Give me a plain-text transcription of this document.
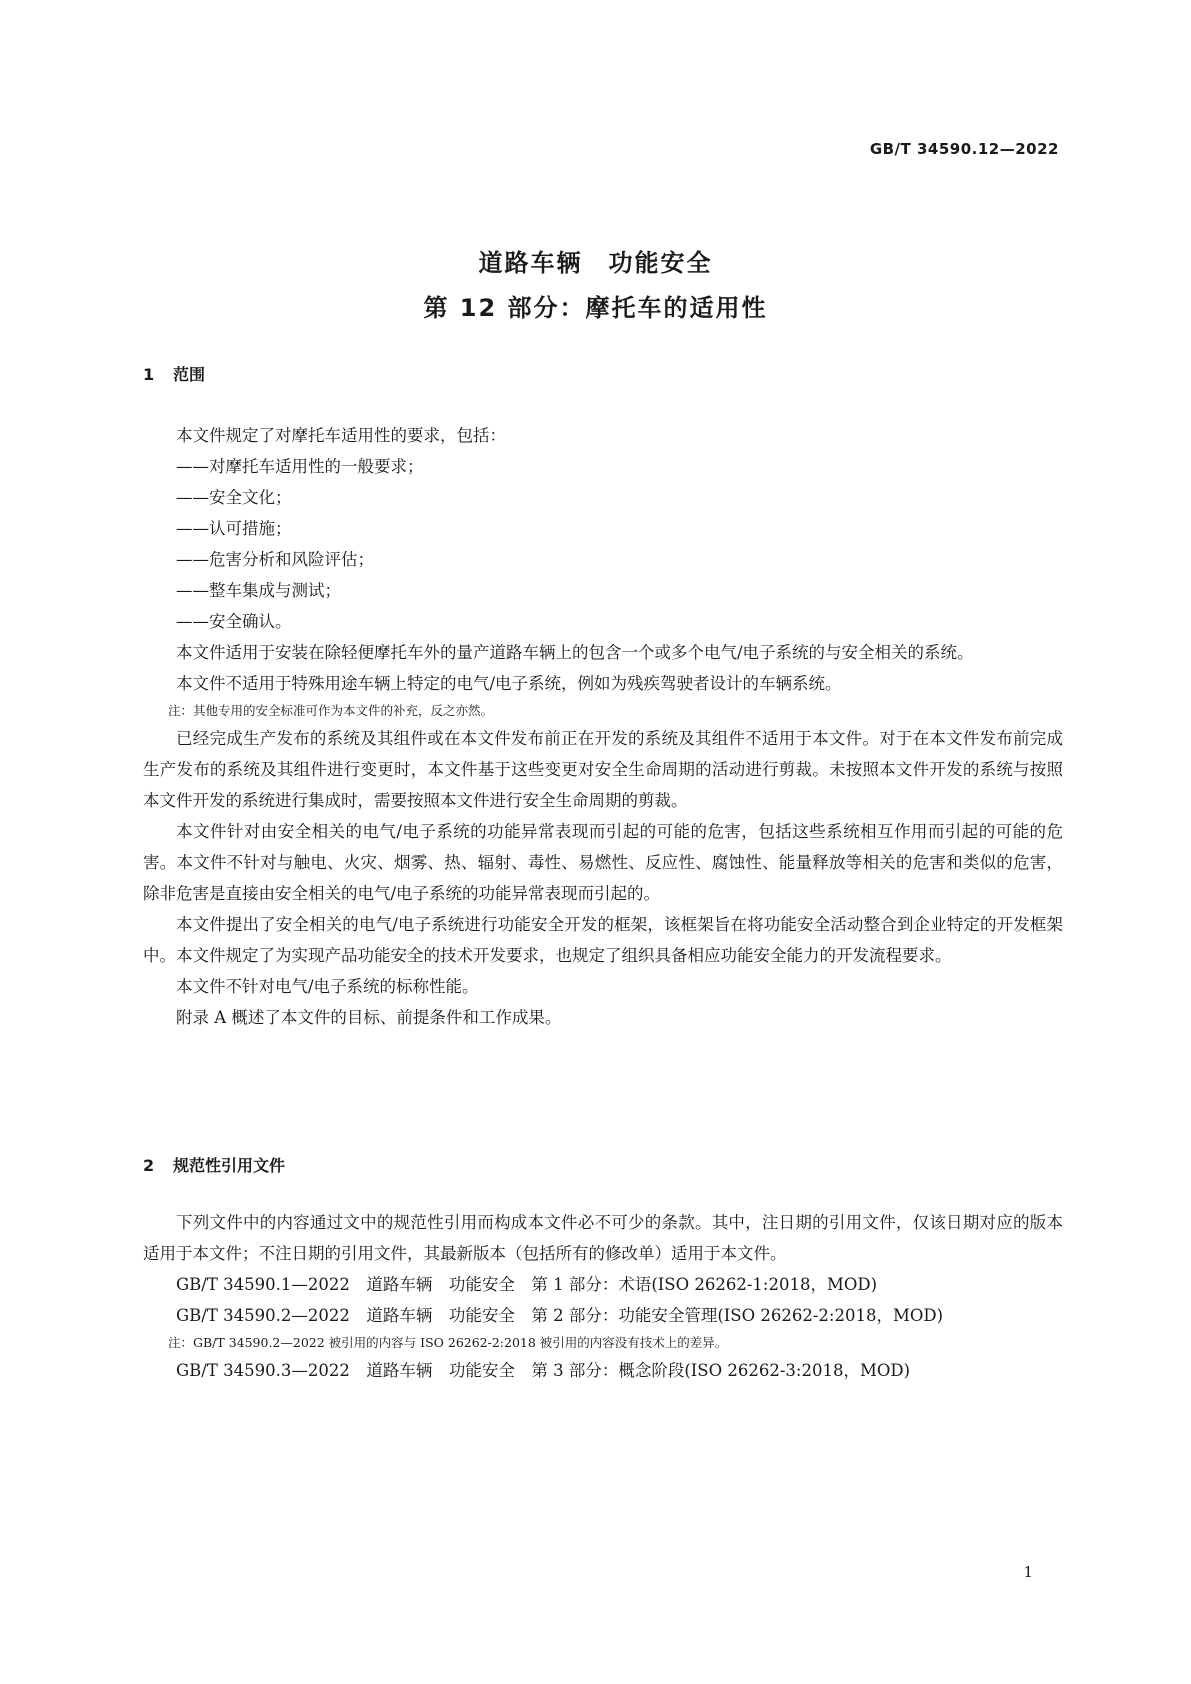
GB/T 34590.12—2022
道路车辆　功能安全
第 12 部分：摩托车的适用性
1 范围

本文件规定了对摩托车适用性的要求，包括：

——对摩托车适用性的一般要求；

——安全文化；

——认可措施；

——危害分析和风险评估；

——整车集成与测试；

——安全确认。

本文件适用于安装在除轻便摩托车外的量产道路车辆上的包含一个或多个电气/电子系统的与安全相关的系统。

本文件不适用于特殊用途车辆上特定的电气/电子系统，例如为残疾驾驶者设计的车辆系统。

注：其他专用的安全标准可作为本文件的补充，反之亦然。

已经完成生产发布的系统及其组件或在本文件发布前正在开发的系统及其组件不适用于本文件。对于在本文件发布前完成生产发布的系统及其组件进行变更时，本文件基于这些变更对安全生命周期的活动进行剪裁。未按照本文件开发的系统与按照本文件开发的系统进行集成时，需要按照本文件进行安全生命周期的剪裁。

本文件针对由安全相关的电气/电子系统的功能异常表现而引起的可能的危害，包括这些系统相互作用而引起的可能的危害。本文件不针对与触电、火灾、烟雾、热、辐射、毒性、易燃性、反应性、腐蚀性、能量释放等相关的危害和类似的危害，除非危害是直接由安全相关的电气/电子系统的功能异常表现而引起的。

本文件提出了安全相关的电气/电子系统进行功能安全开发的框架，该框架旨在将功能安全活动整合到企业特定的开发框架中。本文件规定了为实现产品功能安全的技术开发要求，也规定了组织具备相应功能安全能力的开发流程要求。

本文件不针对电气/电子系统的标称性能。

附录 A 概述了本文件的目标、前提条件和工作成果。

2 规范性引用文件

下列文件中的内容通过文中的规范性引用而构成本文件必不可少的条款。其中，注日期的引用文件，仅该日期对应的版本适用于本文件；不注日期的引用文件，其最新版本（包括所有的修改单）适用于本文件。

GB/T 34590.1—2022　道路车辆　功能安全　第 1 部分：术语(ISO 26262-1:2018，MOD)

GB/T 34590.2—2022　道路车辆　功能安全　第 2 部分：功能安全管理(ISO 26262-2:2018，MOD)

注：GB/T 34590.2—2022 被引用的内容与 ISO 26262-2:2018 被引用的内容没有技术上的差异。

GB/T 34590.3—2022　道路车辆　功能安全　第 3 部分：概念阶段(ISO 26262-3:2018，MOD)

1
